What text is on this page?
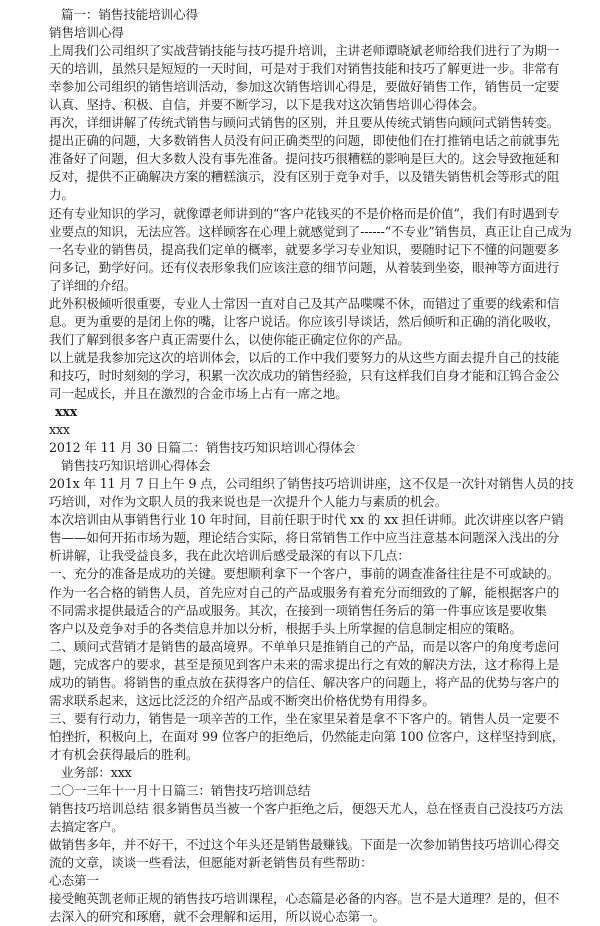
篇一：销售技能培训心得
销售培训心得
上周我们公司组织了实战营销技能与技巧提升培训，主讲老师谭晓斌老师给我们进行了为期一
天的培训，虽然只是短短的一天时间，可是对于我们对销售技能和技巧了解更进一步。非常有
幸参加公司组织的销售培训活动，参加这次销售培训心得是，要做好销售工作，销售员一定要
认真、坚持、积极、自信，并要不断学习，以下是我对这次销售培训心得体会。
再次，详细讲解了传统式销售与顾问式销售的区别，并且要从传统式销售向顾问式销售转变。
提出正确的问题，大多数销售人员没有问正确类型的问题，即使他们在打推销电话之前就事先
准备好了问题，但大多数人没有事先准备。提问技巧很糟糕的影响是巨大的。这会导致拖延和
反对，提供不正确解决方案的糟糕演示，没有区别于竞争对手，以及错失销售机会等形式的阻
力。
还有专业知识的学习，就像谭老师讲到的“客户花钱买的不是价格而是价值”，我们有时遇到专
业要点的知识，无法应答。这样顾客在心理上就感觉到了------“不专业”销售员，真正让自己成为
一名专业的销售员，提高我们定单的概率，就要多学习专业知识，要随时记下不懂的问题要多
问多记，勤学好问。还有仪表形象我们应该注意的细节问题，从着装到坐姿，眼神等方面进行
了详细的介绍。
此外积极倾听很重要，专业人士常因一直对自己及其产品喋喋不休，而错过了重要的线索和信
息。更为重要的是闭上你的嘴，让客户说话。你应该引导谈话，然后倾听和正确的消化吸收，
我们了解到很多客户真正需要什么，以使你能正确定位你的产品。
以上就是我参加完这次的培训体会，以后的工作中我们要努力的从这些方面去提升自己的技能
和技巧，时时刻刻的学习，积累一次次成功的销售经验，只有这样我们自身才能和江钨合金公
司一起成长，并且在激烈的合金市场上占有一席之地。
xxx
xxx
2012 年 11 月 30 日篇二：销售技巧知识培训心得体会
销售技巧知识培训心得体会
201x 年 11 月 7 日上午 9 点，公司组织了销售技巧培训讲座，这不仅是一次针对销售人员的技
巧培训，对作为文职人员的我来说也是一次提升个人能力与素质的机会。
本次培训由从事销售行业 10 年时间，目前任职于时代 xx 的 xx 担任讲师。此次讲座以客户销
售——如何开拓市场为题，理论结合实际，将日常销售工作中应当注意基本问题深入浅出的分
析讲解，让我受益良多，我在此次培训后感受最深的有以下几点：
一、充分的准备是成功的关键。要想顺利拿下一个客户，事前的调查准备往往是不可或缺的。
作为一名合格的销售人员，首先应对自己的产品或服务有着充分而细致的了解，能根据客户的
不同需求提供最适合的产品或服务。其次，在接到一项销售任务后的第一件事应该是要收集
客户以及竞争对手的各类信息并加以分析，根据手头上所掌握的信息制定相应的策略。
二、顾问式营销才是销售的最高境界。不单单只是推销自己的产品，而是以客户的角度考虑问
题，完成客户的要求，甚至是预见到客户未来的需求提出行之有效的解决方法，这才称得上是
成功的销售。将销售的重点放在获得客户的信任、解决客户的问题上，将产品的优势与客户的
需求联系起来，这远比泛泛的介绍产品或不断突出价格优势有用得多。
三、要有行动力，销售是一项辛苦的工作，坐在家里呆着是拿不下客户的。销售人员一定要不
怕挫折，积极向上，在面对 99 位客户的拒绝后，仍然能走向第 100 位客户，这样坚持到底，
才有机会获得最后的胜利。
业务部：xxx
二〇一三年十一月十日篇三：销售技巧培训总结
销售技巧培训总结 很多销售员当被一个客户拒绝之后，便怨天尤人，总在怪责自己没技巧方法
去搞定客户。
做销售多年，并不好干，不过这个年头还是销售最赚钱。下面是一次参加销售技巧培训心得交
流的文章，谈谈一些看法，但愿能对新老销售员有些帮助：
心态第一
接受鲍英凯老师正规的销售技巧培训课程，心态篇是必备的内容。岂不是大道理？是的，但不
去深入的研究和琢磨，就不会理解和运用，所以说心态第一。
